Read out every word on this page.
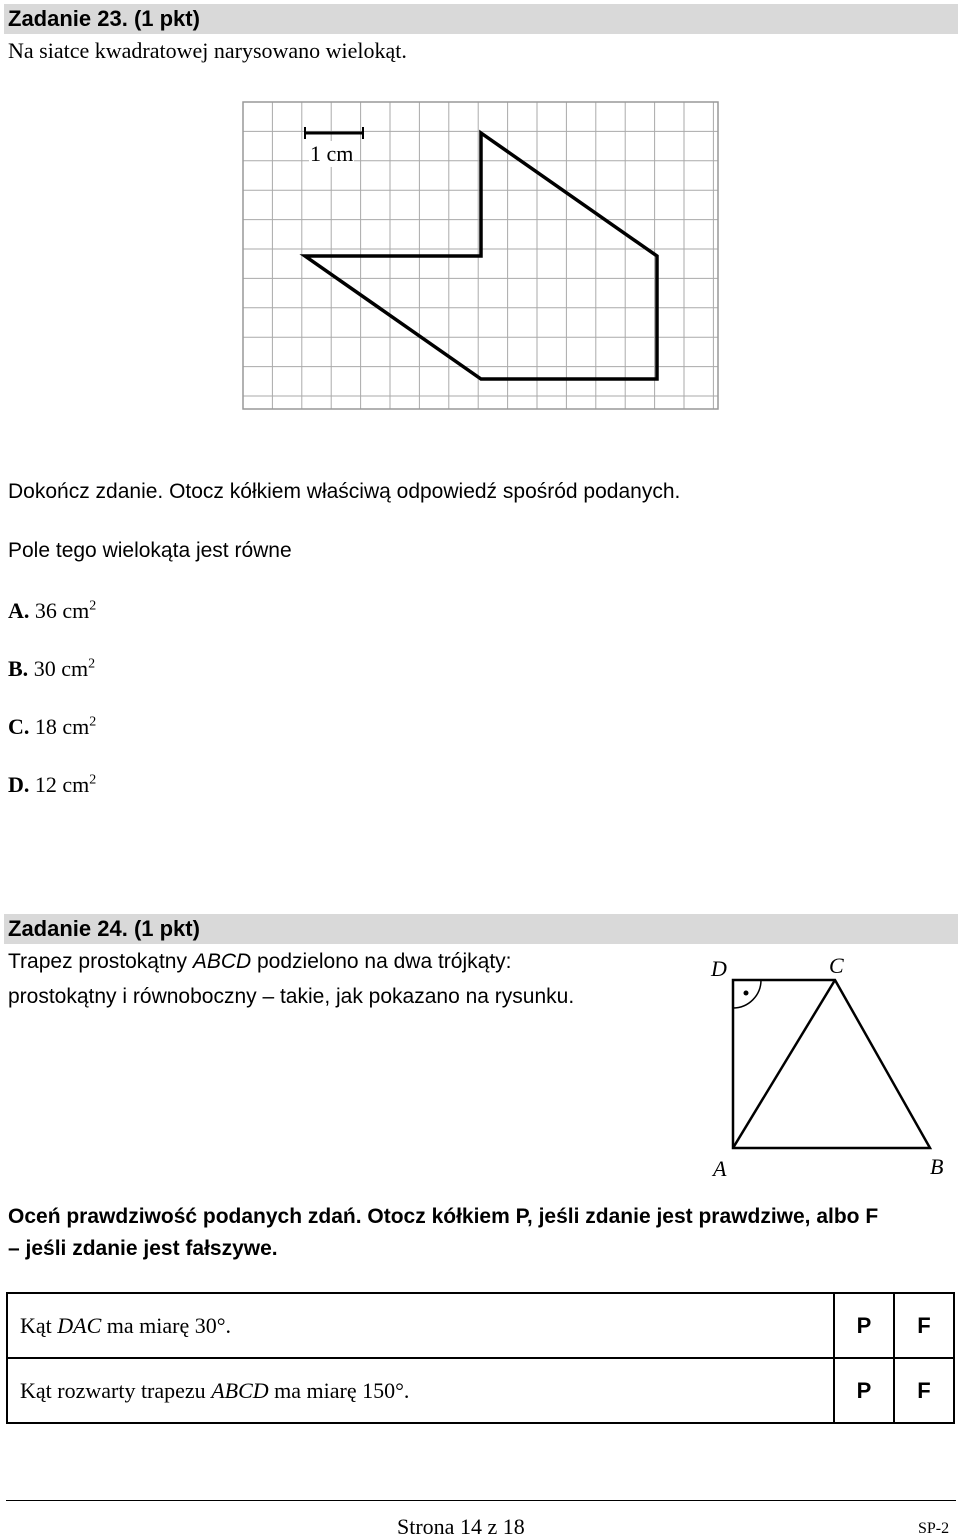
Zadanie 23. (1 pkt)
Na siatce kwadratowej narysowano wielokąt.
1 cm
Dokończ zdanie. Otocz kółkiem właściwą odpowiedź spośród podanych.
Pole tego wielokąta jest równe
A. 36 $cm^2$
B. 30 $cm^2$
C. 18 $cm^2$
D. 12 $cm^2$
Zadanie 24. (1 pkt)
Trapez prostokątny ABCD podzielono na dwa trójkąty:
prostokątny i równoboczny – takie, jak pokazano na rysunku.
D	C
A	B
Oceń prawdziwość podanych zdań. Otocz kółkiem P, jeśli zdanie jest prawdziwe, albo F
– jeśli zdanie jest fałszywe.
Kąt DAC ma miarę 30°.	P	F
Kąt rozwarty trapezu ABCD ma miarę 150°.	P	F
Strona 14 z 18	SP-2
